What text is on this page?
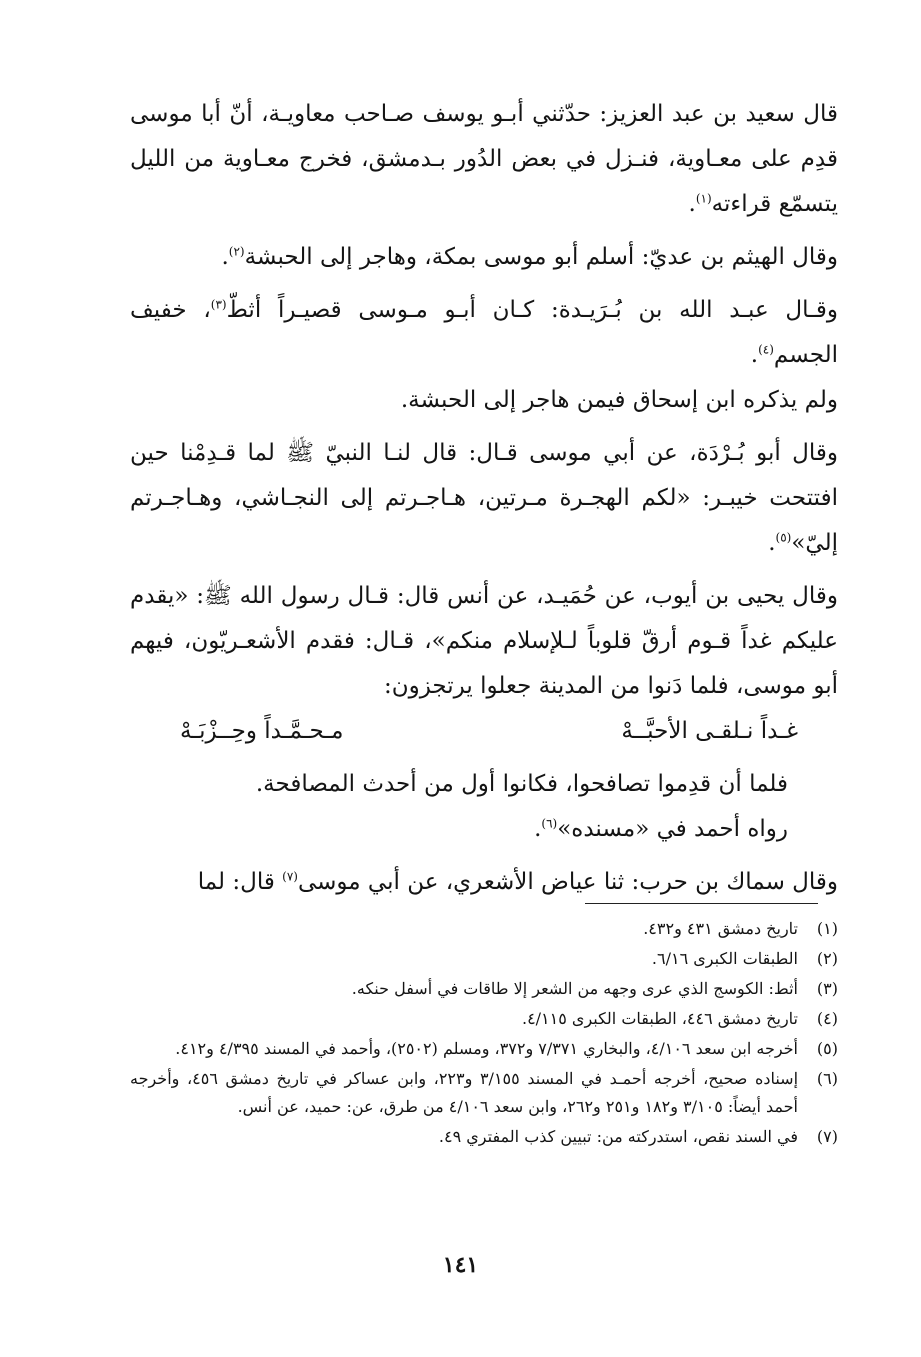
قال سعيد بن عبد العزيز: حدّثني أبـو يوسف صـاحب معاويـة، أنّ أبا موسى قدِم على معـاوية، فنـزل في بعض الدُور بـدمشق، فخرج معـاوية من الليل يتسمّع قراءته$^{(١)}$.

وقال الهيثم بن عديّ: أسلم أبو موسى بمكة، وهاجر إلى الحبشة$^{(٢)}$.

وقـال عبـد الله بن بُـرَيـدة: كـان أبـو مـوسى قصيـراً أثطّ$^{(٣)}$، خفيف الجسم$^{(٤)}$.

ولم يذكره ابن إسحاق فيمن هاجر إلى الحبشة.

وقال أبو بُـرْدَة، عن أبي موسى قـال: قال لنـا النبيّ ﷺ لما قـدِمْنا حين افتتحت خيبـر: «لكم الهجـرة مـرتين، هـاجـرتم إلى النجـاشي، وهـاجـرتم إليّ»$^{(٥)}$.

وقال يحيى بن أيوب، عن حُمَيـد، عن أنس قال: قـال رسول الله ﷺ: «يقدم عليكم غداً قـوم أرقّ قلوباً لـلإسلام منكم»، قـال: فقدم الأشعـريّون، فيهم أبو موسى، فلما دَنوا من المدينة جعلوا يرتجزون:

غـداً نـلقـى الأحبَّــهْ
مـحـمَّـداً وحِــزْبَـهْ

فلما أن قدِموا تصافحوا، فكانوا أول من أحدث المصافحة.

رواه أحمد في «مسنده»$^{(٦)}$.

وقال سماك بن حرب: ثنا عياض الأشعري، عن أبي موسى$^{(٧)}$ قال: لما

(١)
تاريخ دمشق ٤٣١ و٤٣٢.
(٢)
الطبقات الكبرى ٦/١٦.
(٣)
أثط: الكوسج الذي عرى وجهه من الشعر إلا طاقات في أسفل حنكه.
(٤)
تاريخ دمشق ٤٤٦، الطبقات الكبرى ٤/١١٥.
(٥)
أخرجه ابن سعد ٤/١٠٦، والبخاري ٧/٣٧١ و٣٧٢، ومسلم (٢٥٠٢)، وأحمد في المسند ٤/٣٩٥ و٤١٢.
(٦)
إسناده صحيح، أخرجه أحمـد في المسند ٣/١٥٥ و٢٢٣، وابن عساكر في تاريخ دمشق ٤٥٦، وأخرجه أحمد أيضاً: ٣/١٠٥ و١٨٢ و٢٥١ و٢٦٢، وابن سعد ٤/١٠٦ من طرق، عن: حميد، عن أنس.
(٧)
في السند نقص، استدركته من: تبيين كذب المفتري ٤٩.
١٤١
